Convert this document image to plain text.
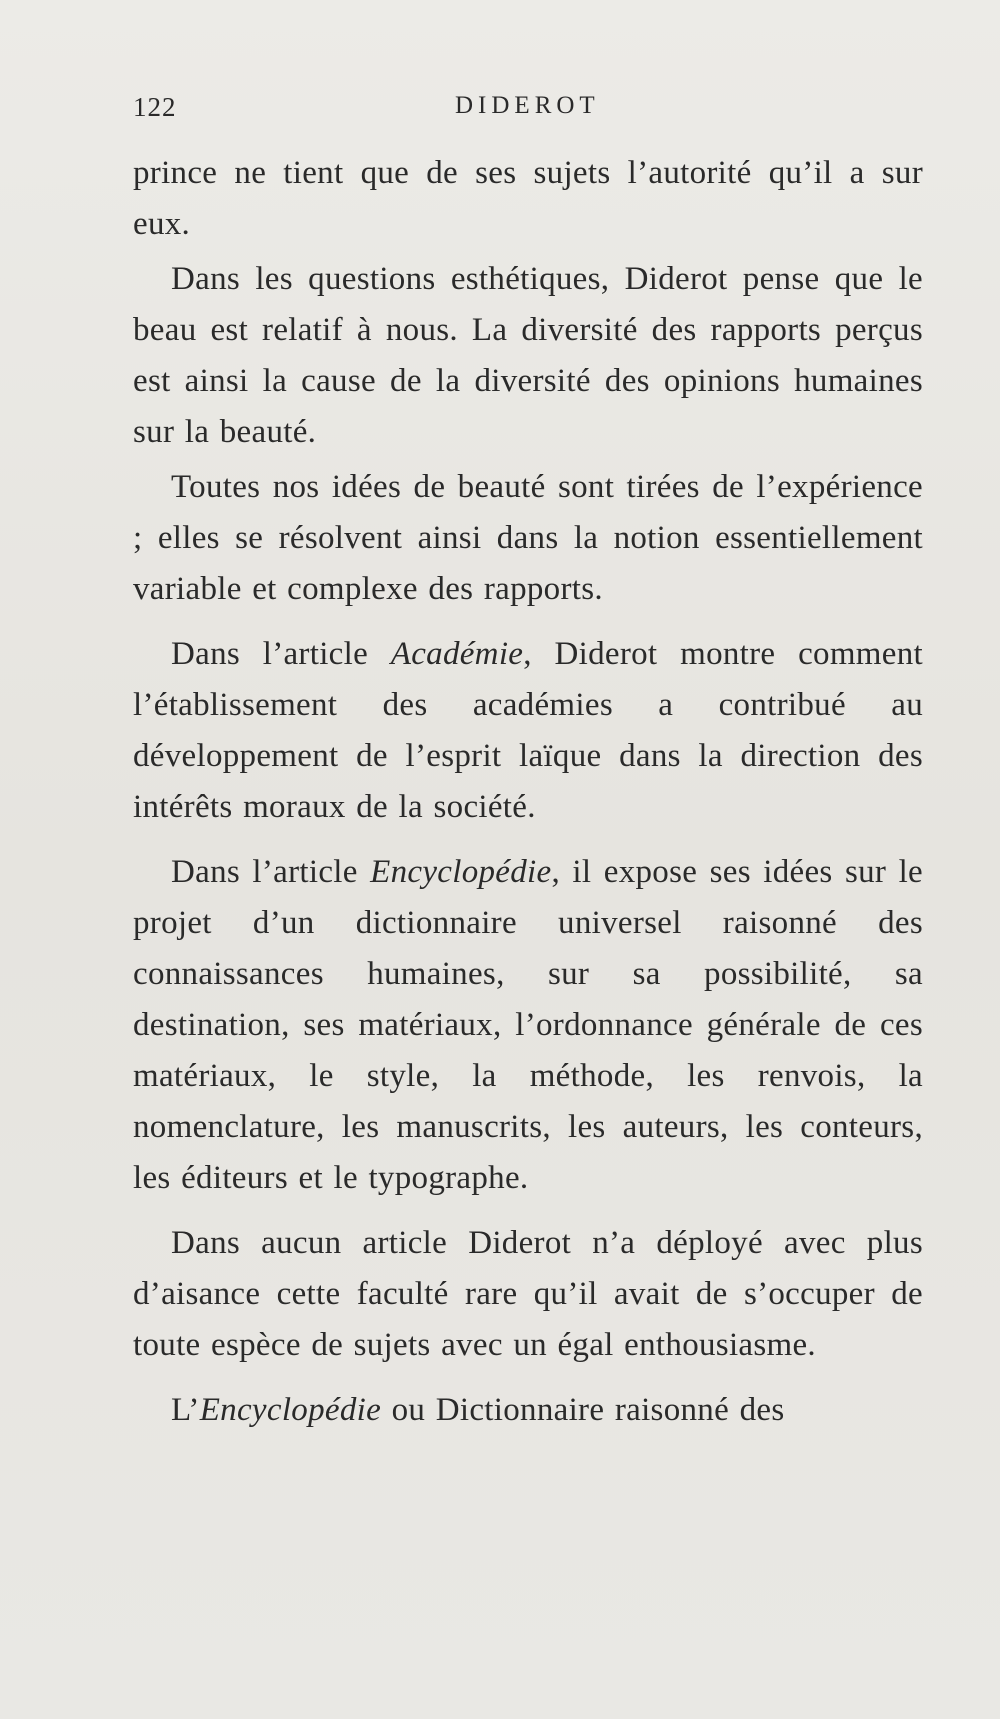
122	DIDEROT

prince ne tient que de ses sujets l’autorité qu’il a sur eux.

Dans les questions esthétiques, Diderot pense que le beau est relatif à nous. La diversité des rapports perçus est ainsi la cause de la diversité des opinions humaines sur la beauté.

Toutes nos idées de beauté sont tirées de l’expérience ; elles se résolvent ainsi dans la notion essentiellement variable et complexe des rapports.

Dans l’article Académie, Diderot montre comment l’établissement des académies a contribué au développement de l’esprit laïque dans la direction des intérêts moraux de la société.

Dans l’article Encyclopédie, il expose ses idées sur le projet d’un dictionnaire universel raisonné des connaissances humaines, sur sa possibilité, sa destination, ses matériaux, l’ordonnance générale de ces matériaux, le style, la méthode, les renvois, la nomenclature, les manuscrits, les auteurs, les conteurs, les éditeurs et le typographe.

Dans aucun article Diderot n’a déployé avec plus d’aisance cette faculté rare qu’il avait de s’occuper de toute espèce de sujets avec un égal enthousiasme.

L’Encyclopédie ou Dictionnaire raisonné des
